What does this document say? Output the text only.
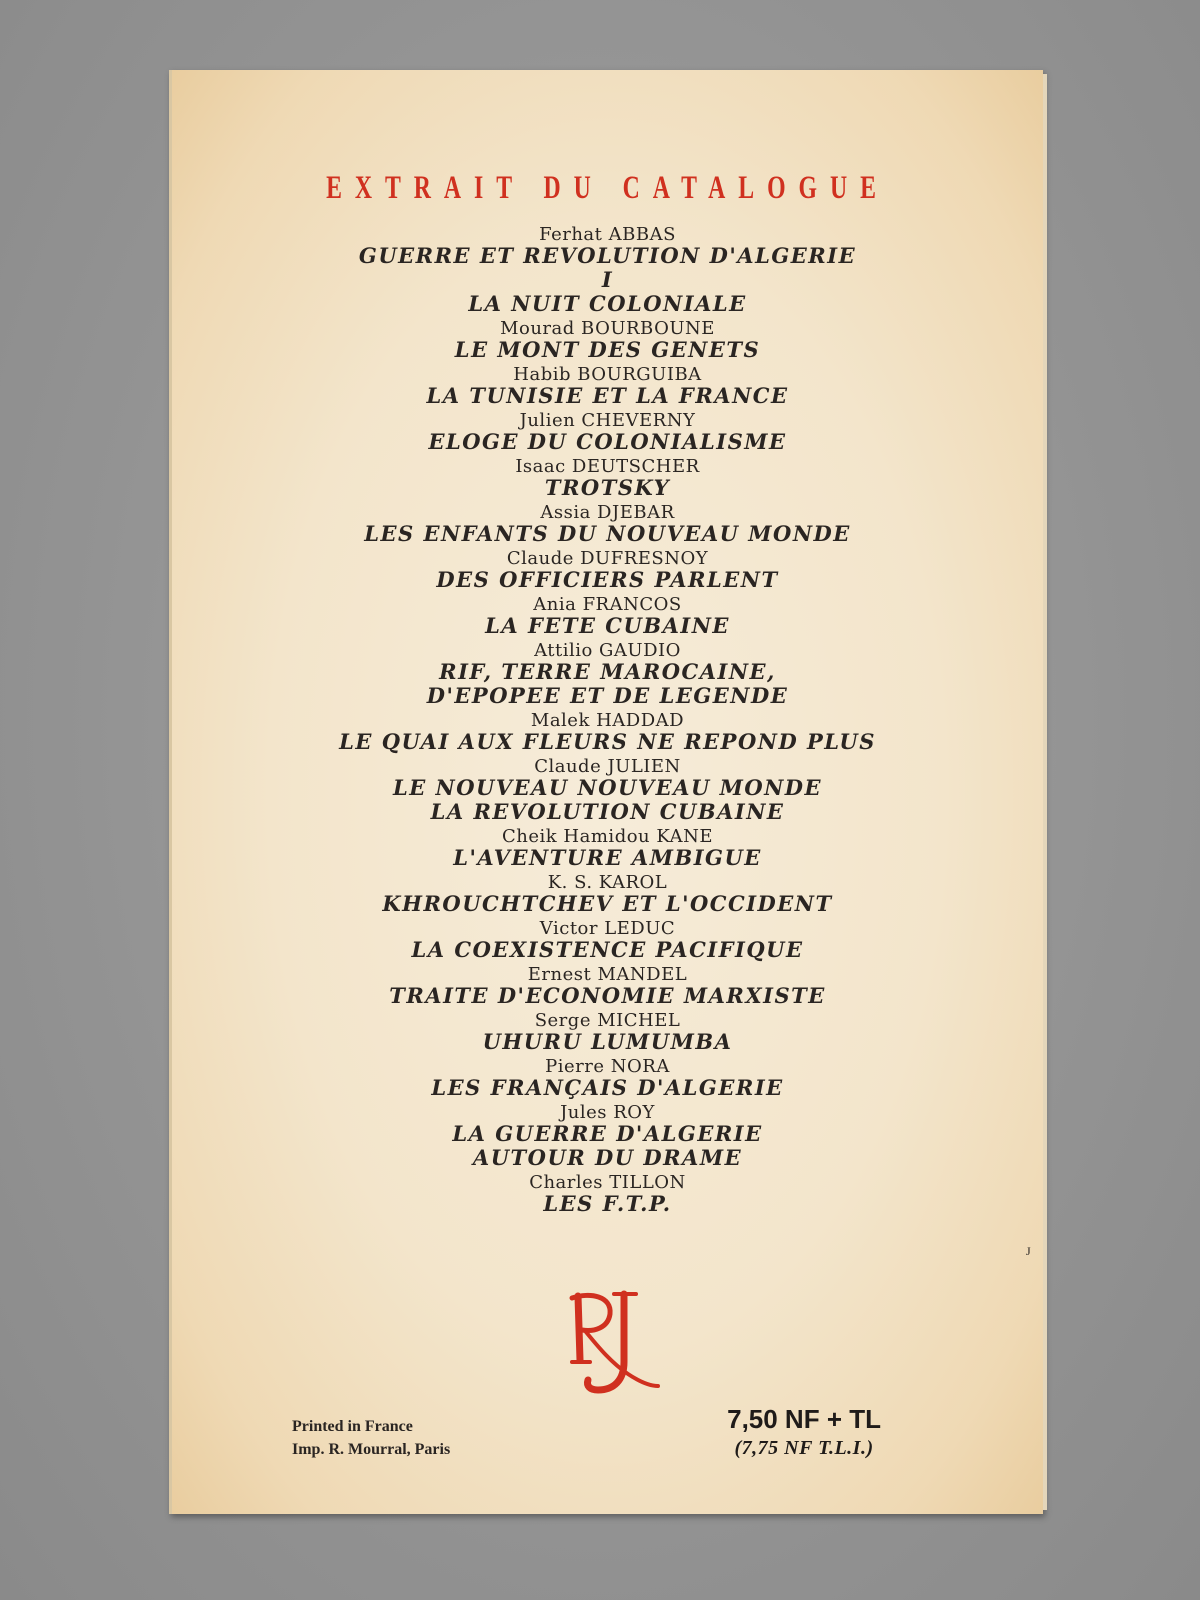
EXTRAIT DU CATALOGUE
Ferhat ABBAS
GUERRE ET REVOLUTION D'ALGERIE
I
LA NUIT COLONIALE
Mourad BOURBOUNE
LE MONT DES GENETS
Habib BOURGUIBA
LA TUNISIE ET LA FRANCE
Julien CHEVERNY
ELOGE DU COLONIALISME
Isaac DEUTSCHER
TROTSKY
Assia DJEBAR
LES ENFANTS DU NOUVEAU MONDE
Claude DUFRESNOY
DES OFFICIERS PARLENT
Ania FRANCOS
LA FETE CUBAINE
Attilio GAUDIO
RIF, TERRE MAROCAINE,
D'EPOPEE ET DE LEGENDE
Malek HADDAD
LE QUAI AUX FLEURS NE REPOND PLUS
Claude JULIEN
LE NOUVEAU NOUVEAU MONDE
LA REVOLUTION CUBAINE
Cheik Hamidou KANE
L'AVENTURE AMBIGUE
K. S. KAROL
KHROUCHTCHEV ET L'OCCIDENT
Victor LEDUC
LA COEXISTENCE PACIFIQUE
Ernest MANDEL
TRAITE D'ECONOMIE MARXISTE
Serge MICHEL
UHURU LUMUMBA
Pierre NORA
LES FRANÇAIS D'ALGERIE
Jules ROY
LA GUERRE D'ALGERIE
AUTOUR DU DRAME
Charles TILLON
LES F.T.P.
Printed in France
Imp. R. Mourral, Paris
7,50 NF + TL
(7,75 NF T.L.I.)
J
